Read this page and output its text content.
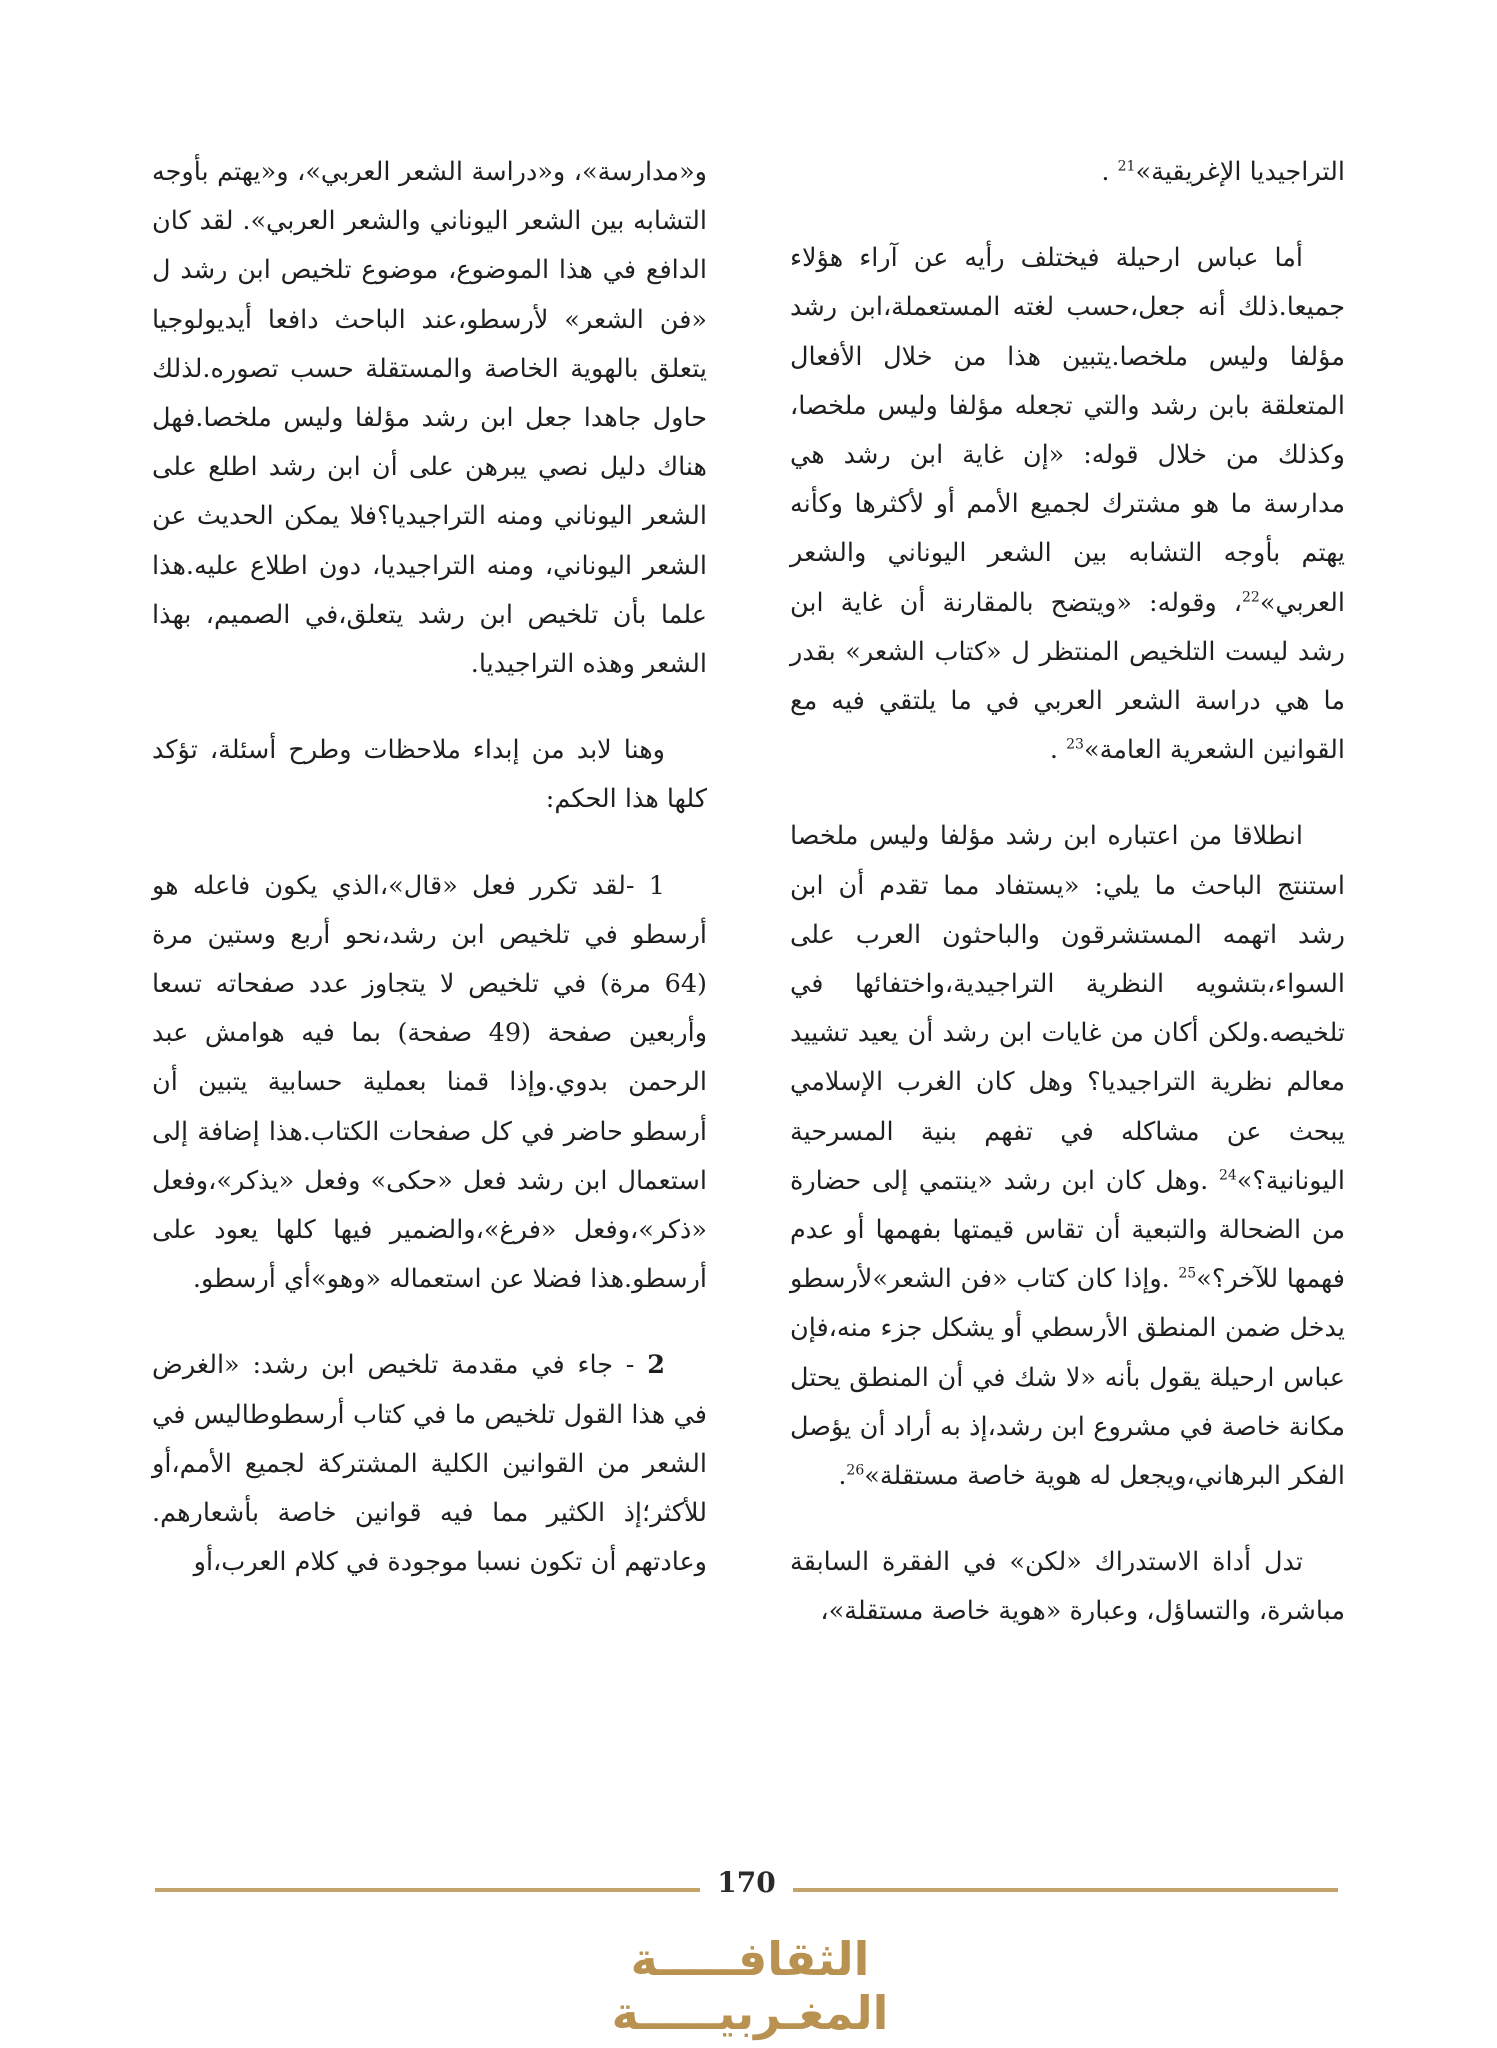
التراجيديا الإغريقية»$^{21}$ .

أما عباس ارحيلة فيختلف رأيه عن آراء هؤلاء جميعا.ذلك أنه جعل،حسب لغته المستعملة،ابن رشد مؤلفا وليس ملخصا.يتبين هذا من خلال الأفعال المتعلقة بابن رشد والتي تجعله مؤلفا وليس ملخصا، وكذلك من خلال قوله: «إن غاية ابن رشد هي مدارسة ما هو مشترك لجميع الأمم أو لأكثرها وكأنه يهتم بأوجه التشابه بين الشعر اليوناني والشعر العربي»$^{22}$، وقوله: «ويتضح بالمقارنة أن غاية ابن رشد ليست التلخيص المنتظر ل «كتاب الشعر» بقدر ما هي دراسة الشعر العربي في ما يلتقي فيه مع القوانين الشعرية العامة»$^{23}$ .

انطلاقا من اعتباره ابن رشد مؤلفا وليس ملخصا استنتج الباحث ما يلي: «يستفاد مما تقدم أن ابن رشد اتهمه المستشرقون والباحثون العرب على السواء،بتشويه النظرية التراجيدية،واختفائها في تلخيصه.ولكن أكان من غايات ابن رشد أن يعيد تشييد معالم نظرية التراجيديا؟ وهل كان الغرب الإسلامي يبحث عن مشاكله في تفهم بنية المسرحية اليونانية؟»$^{24}$ .وهل كان ابن رشد «ينتمي إلى حضارة من الضحالة والتبعية أن تقاس قيمتها بفهمها أو عدم فهمها للآخر؟»$^{25}$ .وإذا كان كتاب «فن الشعر»لأرسطو يدخل ضمن المنطق الأرسطي أو يشكل جزء منه،فإن عباس ارحيلة يقول بأنه «لا شك في أن المنطق يحتل مكانة خاصة في مشروع ابن رشد،إذ به أراد أن يؤصل الفكر البرهاني،ويجعل له هوية خاصة مستقلة»$^{26}$.

تدل أداة الاستدراك «لكن» في الفقرة السابقة مباشرة، والتساؤل، وعبارة «هوية خاصة مستقلة»،

و«مدارسة»، و«دراسة الشعر العربي»، و«يهتم بأوجه التشابه بين الشعر اليوناني والشعر العربي». لقد كان الدافع في هذا الموضوع، موضوع تلخيص ابن رشد ل «فن الشعر» لأرسطو،عند الباحث دافعا أيديولوجيا يتعلق بالهوية الخاصة والمستقلة حسب تصوره.لذلك حاول جاهدا جعل ابن رشد مؤلفا وليس ملخصا.فهل هناك دليل نصي يبرهن على أن ابن رشد اطلع على الشعر اليوناني ومنه التراجيديا؟فلا يمكن الحديث عن الشعر اليوناني، ومنه التراجيديا، دون اطلاع عليه.هذا علما بأن تلخيص ابن رشد يتعلق،في الصميم، بهذا الشعر وهذه التراجيديا.

وهنا لابد من إبداء ملاحظات وطرح أسئلة، تؤكد كلها هذا الحكم:

1 -لقد تكرر فعل «قال»،الذي يكون فاعله هو أرسطو في تلخيص ابن رشد،نحو أربع وستين مرة (64 مرة) في تلخيص لا يتجاوز عدد صفحاته تسعا وأربعين صفحة (49 صفحة) بما فيه هوامش عبد الرحمن بدوي.وإذا قمنا بعملية حسابية يتبين أن أرسطو حاضر في كل صفحات الكتاب.هذا إضافة إلى استعمال ابن رشد فعل «حكى» وفعل «يذكر»،وفعل «ذكر»،وفعل «فرغ»،والضمير فيها كلها يعود على أرسطو.هذا فضلا عن استعماله «وهو»أي أرسطو.

2 - جاء في مقدمة تلخيص ابن رشد: «الغرض في هذا القول تلخيص ما في كتاب أرسطوطاليس في الشعر من القوانين الكلية المشتركة لجميع الأمم،أو للأكثر؛إذ الكثير مما فيه قوانين خاصة بأشعارهم. وعادتهم أن تكون نسبا موجودة في كلام العرب،أو

170
الثقافـــــة المغـربيـــــة
